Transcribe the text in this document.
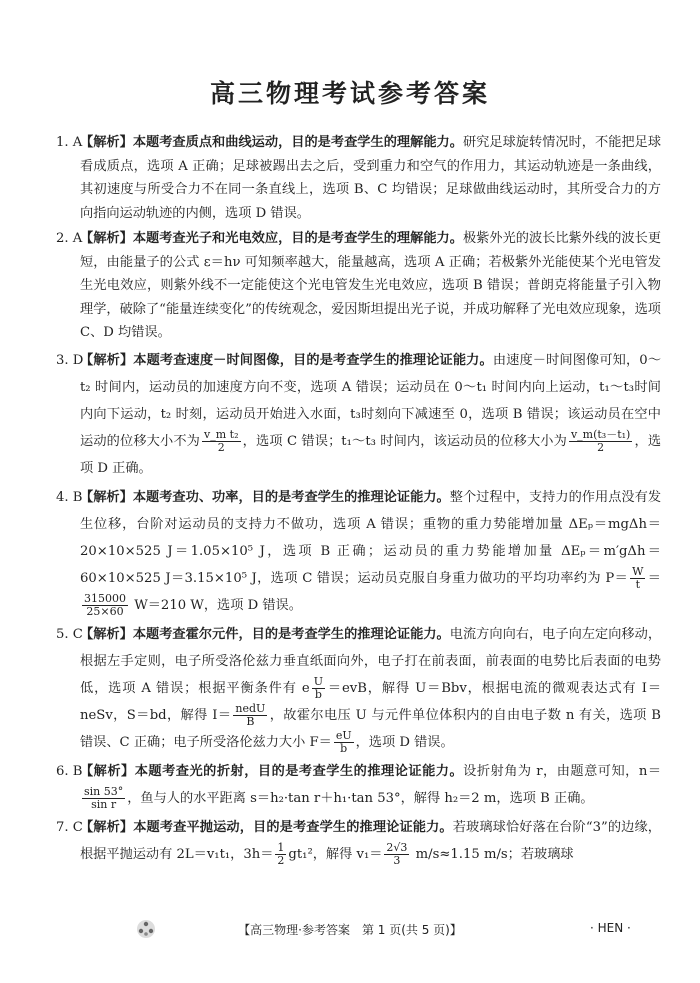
高三物理考试参考答案
1. A
【解析】本题考查质点和曲线运动，目的是考查学生的理解能力。研究足球旋转情况时，不能把足球看成质点，选项 A 正确；足球被踢出去之后，受到重力和空气的作用力，其运动轨迹是一条曲线，其初速度与所受合力不在同一条直线上，选项 B、C 均错误；足球做曲线运动时，其所受合力的方向指向运动轨迹的内侧，选项 D 错误。
2. A
【解析】本题考查光子和光电效应，目的是考查学生的理解能力。极紫外光的波长比紫外线的波长更短，由能量子的公式 ε＝hν 可知频率越大，能量越高，选项 A 正确；若极紫外光能使某个光电管发生光电效应，则紫外线不一定能使这个光电管发生光电效应，选项 B 错误；普朗克将能量子引入物理学，破除了“能量连续变化”的传统观念，爱因斯坦提出光子说，并成功解释了光电效应现象，选项 C、D 均错误。
3. D
【解析】本题考查速度－时间图像，目的是考查学生的推理论证能力。由速度－时间图像可知，0～t₂ 时间内，运动员的加速度方向不变，选项 A 错误；运动员在 0～t₁ 时间内向上运动，t₁～t₃时间内向下运动，t₂ 时刻，运动员开始进入水面，t₃时刻向下减速至 0，选项 B 错误；该运动员在空中运动的位移大小不为 $\frac{\text{v\_m t₂}}{2}$ ，选项 C 错误；t₁～t₃ 时间内，该运动员的位移大小为 $\frac{\text{v\_m(t₃－t₁)}}{2}$ ，选项 D 正确。
4. B
【解析】本题考查功、功率，目的是考查学生的推理论证能力。整个过程中，支持力的作用点没有发生位移，台阶对运动员的支持力不做功，选项 A 错误；重物的重力势能增加量 ΔEₚ＝mgΔh＝20×10×525 J＝1.05×10⁵ J，选项 B 正确；运动员的重力势能增加量 ΔEₚ＝m′gΔh＝60×10×525 J＝3.15×10⁵ J，选项 C 错误；运动员克服自身重力做功的平均功率约为 $P= \frac{W}{t}$ ＝
$\frac{315000}{25\times 60} W=210$ W，选项 D 错误。
5. C
【解析】本题考查霍尔元件，目的是考查学生的推理论证能力。电流方向向右，电子向左定向移动，根据左手定则，电子所受洛伦兹力垂直纸面向外，电子打在前表面，前表面的电势比后表面的电势低，选项 A 错误；根据平衡条件有 e $\frac{U}{b} =evB$，解得 U＝Bbv，根据电流的微观表达式有 I＝neSv，S＝bd，解得 $I= \frac{\text{nedU}}{B}$ ，故霍尔电压 U 与元件单位体积内的自由电子数 n 有关，选项 B 错误、C 正确；电子所受洛伦兹力大小 $F= \frac{eU}{b}$ ，选项 D 错误。
6. B
【解析】本题考查光的折射，目的是考查学生的推理论证能力。设折射角为 r，由题意可知，n＝
$\frac{\sin 53^\circ}{\text{sin r}}$ ，鱼与人的水平距离 s＝h₂·tan r＋h₁·tan 53°，解得 h₂＝2 m，选项 B 正确。
7. C
【解析】本题考查平抛运动，目的是考查学生的推理论证能力。若玻璃球恰好落在台阶“3”的边缘，根据平抛运动有 2L＝v₁t₁，$3h= \frac{1}{2} gt_1^2$，解得 $v_1= \frac{2√3}{3} m/s\approx 1.15$ m/s；若玻璃球
【高三物理·参考答案　第 1 页(共 5 页)】	· HEN ·
